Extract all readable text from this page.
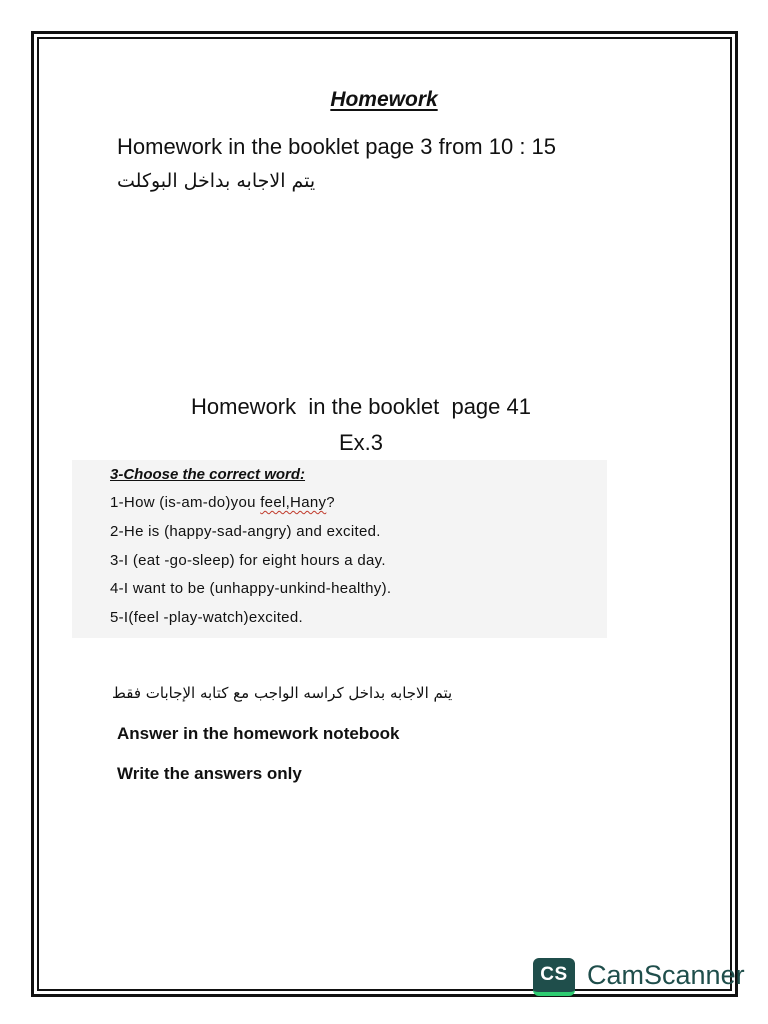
Homework
Homework in the booklet page 3 from 10 : 15
يتم الاجابه بداخل البوكلت
Homework  in the booklet  page 41
Ex.3
3-Choose the correct word:
1-How (is-am-do)you feel,Hany?
2-He is (happy-sad-angry) and excited.
3-I (eat -go-sleep) for eight hours a day.
4-I want to be (unhappy-unkind-healthy).
5-I(feel -play-watch)excited.
يتم الاجابه بداخل كراسه الواجب مع كتابه الإجابات فقط
Answer in the homework notebook
Write the answers only
CS CamScanner
